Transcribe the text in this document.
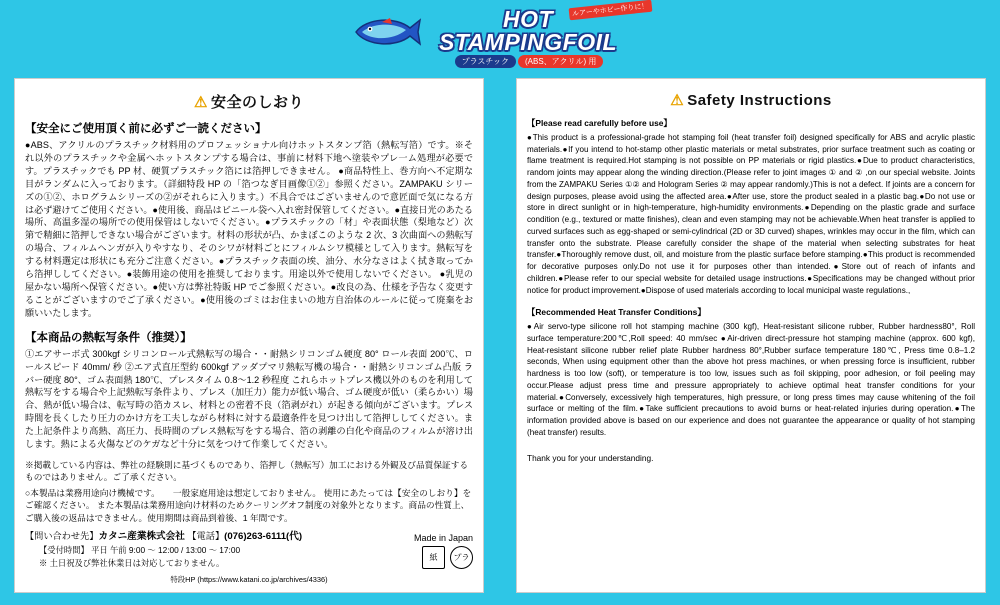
HOT
STAMPINGFOIL
ルアーやホビー作りに！
プラスチック (ABS、アクリル) 用
⚠ 安全のしおり
【安全にご使用頂く前に必ずご一読ください】
●ABS、アクリルのプラスチック材料用のプロフェッショナル向けホットスタンプ箔（熱転写箔）です。※それ以外のプラスチックや金属へホットスタンプする場合は、事前に材料下地へ塗装やプレ一ム処理が必要です。プラスチックでも PP 材、硬質プラスチック箔には箔押しできません。 ●商品特性上、巻方向へ不定期な目がランダムに入っております。（詳細特段 HP の「箔つなぎ目画像①②」参照ください。ZAMPAKU シリーズの①②、ホログラムシリーズの②がそれらに入ります。）不具合ではございませんので意匠面で気になる方は必ず避けてご使用ください。●使用後、商品はビニール袋へ入れ密封保管してください。●直接日光のあたる場所、高温多湿の場所での使用保管はしないでください。●プラスチックの「材」や表面状態（梨地など）次第で精細に箔押しできない場合がございます。材料の形状が凸、かまぼこのような 2 次、3 次曲面への熱転写の場合、フィルムヘンガが入りやすなり、そのシワが材料ごとにフィルムシワ模様として入ります。熱転写をする材料選定は形状にも充分ご注意ください。●プラスチック表面の埃、油分、水分なさはよく拭き取ってから箔押ししてください。●装飾用途の使用を推奨しております。用途以外で使用しないでください。 ●乳児の屋かない場所へ保管ください。●使い方は弊社特販 HP でご参照ください。●改良の為、仕様を予告なく変更することがございますのでご了承ください。●使用後のゴミはお住まいの地方自治体のルールに従って廃棄をお願いいたします。
【本商品の熱転写条件（推奨）】
①エアサーボ式 300kgf シリコンロール式熱転写の場合・・耐熱シリコンゴム硬度 80° ロール表面 200℃、ロールスピード 40mm/ 秒 ②エア式直圧型約 600kgf アッダプマリ熱転写機の場合・・耐熱シリコンゴム凸版 ラバー硬度 80°、ゴム表面熱 180℃、プレスタイム 0.8〜1.2 秒程度 これらホットプレス機以外のものを利用して熱転写をする場合や上記熱転写条件より、プレス（加圧力）能力が低い場合、ゴム硬度が低い（柔らかい）場合、熱が低い場合は、転写時の箔カスレ、材料との密着不良（箔剥がれ）が起きる傾向がございます。プレス時間を長くしたり圧力のかけ方を工夫しながら材料に対する最適条件を見つけ出して箔押ししてください。また上記条件より高熱、高圧力、長時間のプレス熱転写をする場合、箔の剥離の白化や商品のフィルムが溶け出します。熱による火傷などのケガなど十分に気をつけて作業してください。
※掲載している内容は、弊社の経験則に基づくものであり、箔押し（熱転写）加工における外観及び品質保証するものではありません。ご了承ください。
○本製品は業務用途向け機械です。　　一般家庭用途は想定しておりません。 使用にあたっては【安全のしおり】をご確認ください。 また本製品は業務用途向け材料のためクーリングオフ制度の対象外となります。商品の性質上、ご購入後の返品はできません。使用期間は商品到着後、1 年間です。
【問い合わせ先】カタニ産業株式会社 【電話】(076)263-6111(代)
【受付時間】 平日 午前 9:00 ～ 12:00 / 13:00 ～ 17:00
※ 土日祝及び弊社休業日は対応しておりません。
Made in Japan
紙	プラ
特段HP (https://www.katani.co.jp/archives/4336)
⚠ Safety Instructions
【Please read carefully before use】
●This product is a professional-grade hot stamping foil (heat transfer foil) designed specifically for ABS and acrylic plastic materials.●If you intend to hot-stamp other plastic materials or metal substrates, prior surface treatment such as coating or flame treatment is required.Hot stamping is not possible on PP materials or rigid plastics.●Due to product characteristics, random joints may appear along the winding direction.(Please refer to joint images ① and ② ,on our special website. Joints from the ZAMPAKU Series ①② and Hologram Series ② may appear randomly.)This is not a defect. If joints are a concern for design purposes, please avoid using the affected area.●After use, store the product sealed in a plastic bag.●Do not use or store in direct sunlight or in high-temperature, high-humidity environments.●Depending on the plastic grade and surface condition (e.g., textured or matte finishes), clean and even stamping may not be achievable.When heat transfer is applied to curved surfaces such as egg-shaped or semi-cylindrical (2D or 3D curved) shapes, wrinkles may occur in the film, which can transfer onto the substrate. Please carefully consider the shape of the material when selecting substrates for heat transfer.●Thoroughly remove dust, oil, and moisture from the plastic surface before stamping.●This product is recommended for decorative purposes only.Do not use it for purposes other than intended.●Store out of reach of infants and children.●Please refer to our special website for detailed usage instructions.●Specifications may be changed without prior notice for product improvement.●Dispose of used materials according to local municipal waste regulations.,
【Recommended Heat Transfer Conditions】
●Air servo-type silicone roll hot stamping machine (300 kgf), Heat-resistant silicone rubber, Rubber hardness80°, Roll surface temperature:200℃,Roll speed: 40 mm/sec ●Air-driven direct-pressure hot stamping machine (approx. 600 kgf), Heat-resistant silicone rubber relief plate Rubber hardness 80°,Rubber surface temperature 180℃, Press time 0.8–1.2 seconds, When using equipment other than the above hot press machines, or when pressing force is insufficient, rubber hardness is too low (soft), or temperature is too low, issues such as foil skipping, poor adhesion, or foil peeling may occur.Please adjust press time and pressure appropriately to achieve optimal heat transfer conditions for your material.●Conversely, excessively high temperatures, high pressure, or long press times may cause whitening of the foil surface or melting of the film.●Take sufficient precautions to avoid burns or heat-related injuries during operation.●The information provided above is based on our experience and does not guarantee the appearance or quality of hot stamping (heat transfer) results.
Thank you for your understanding.
